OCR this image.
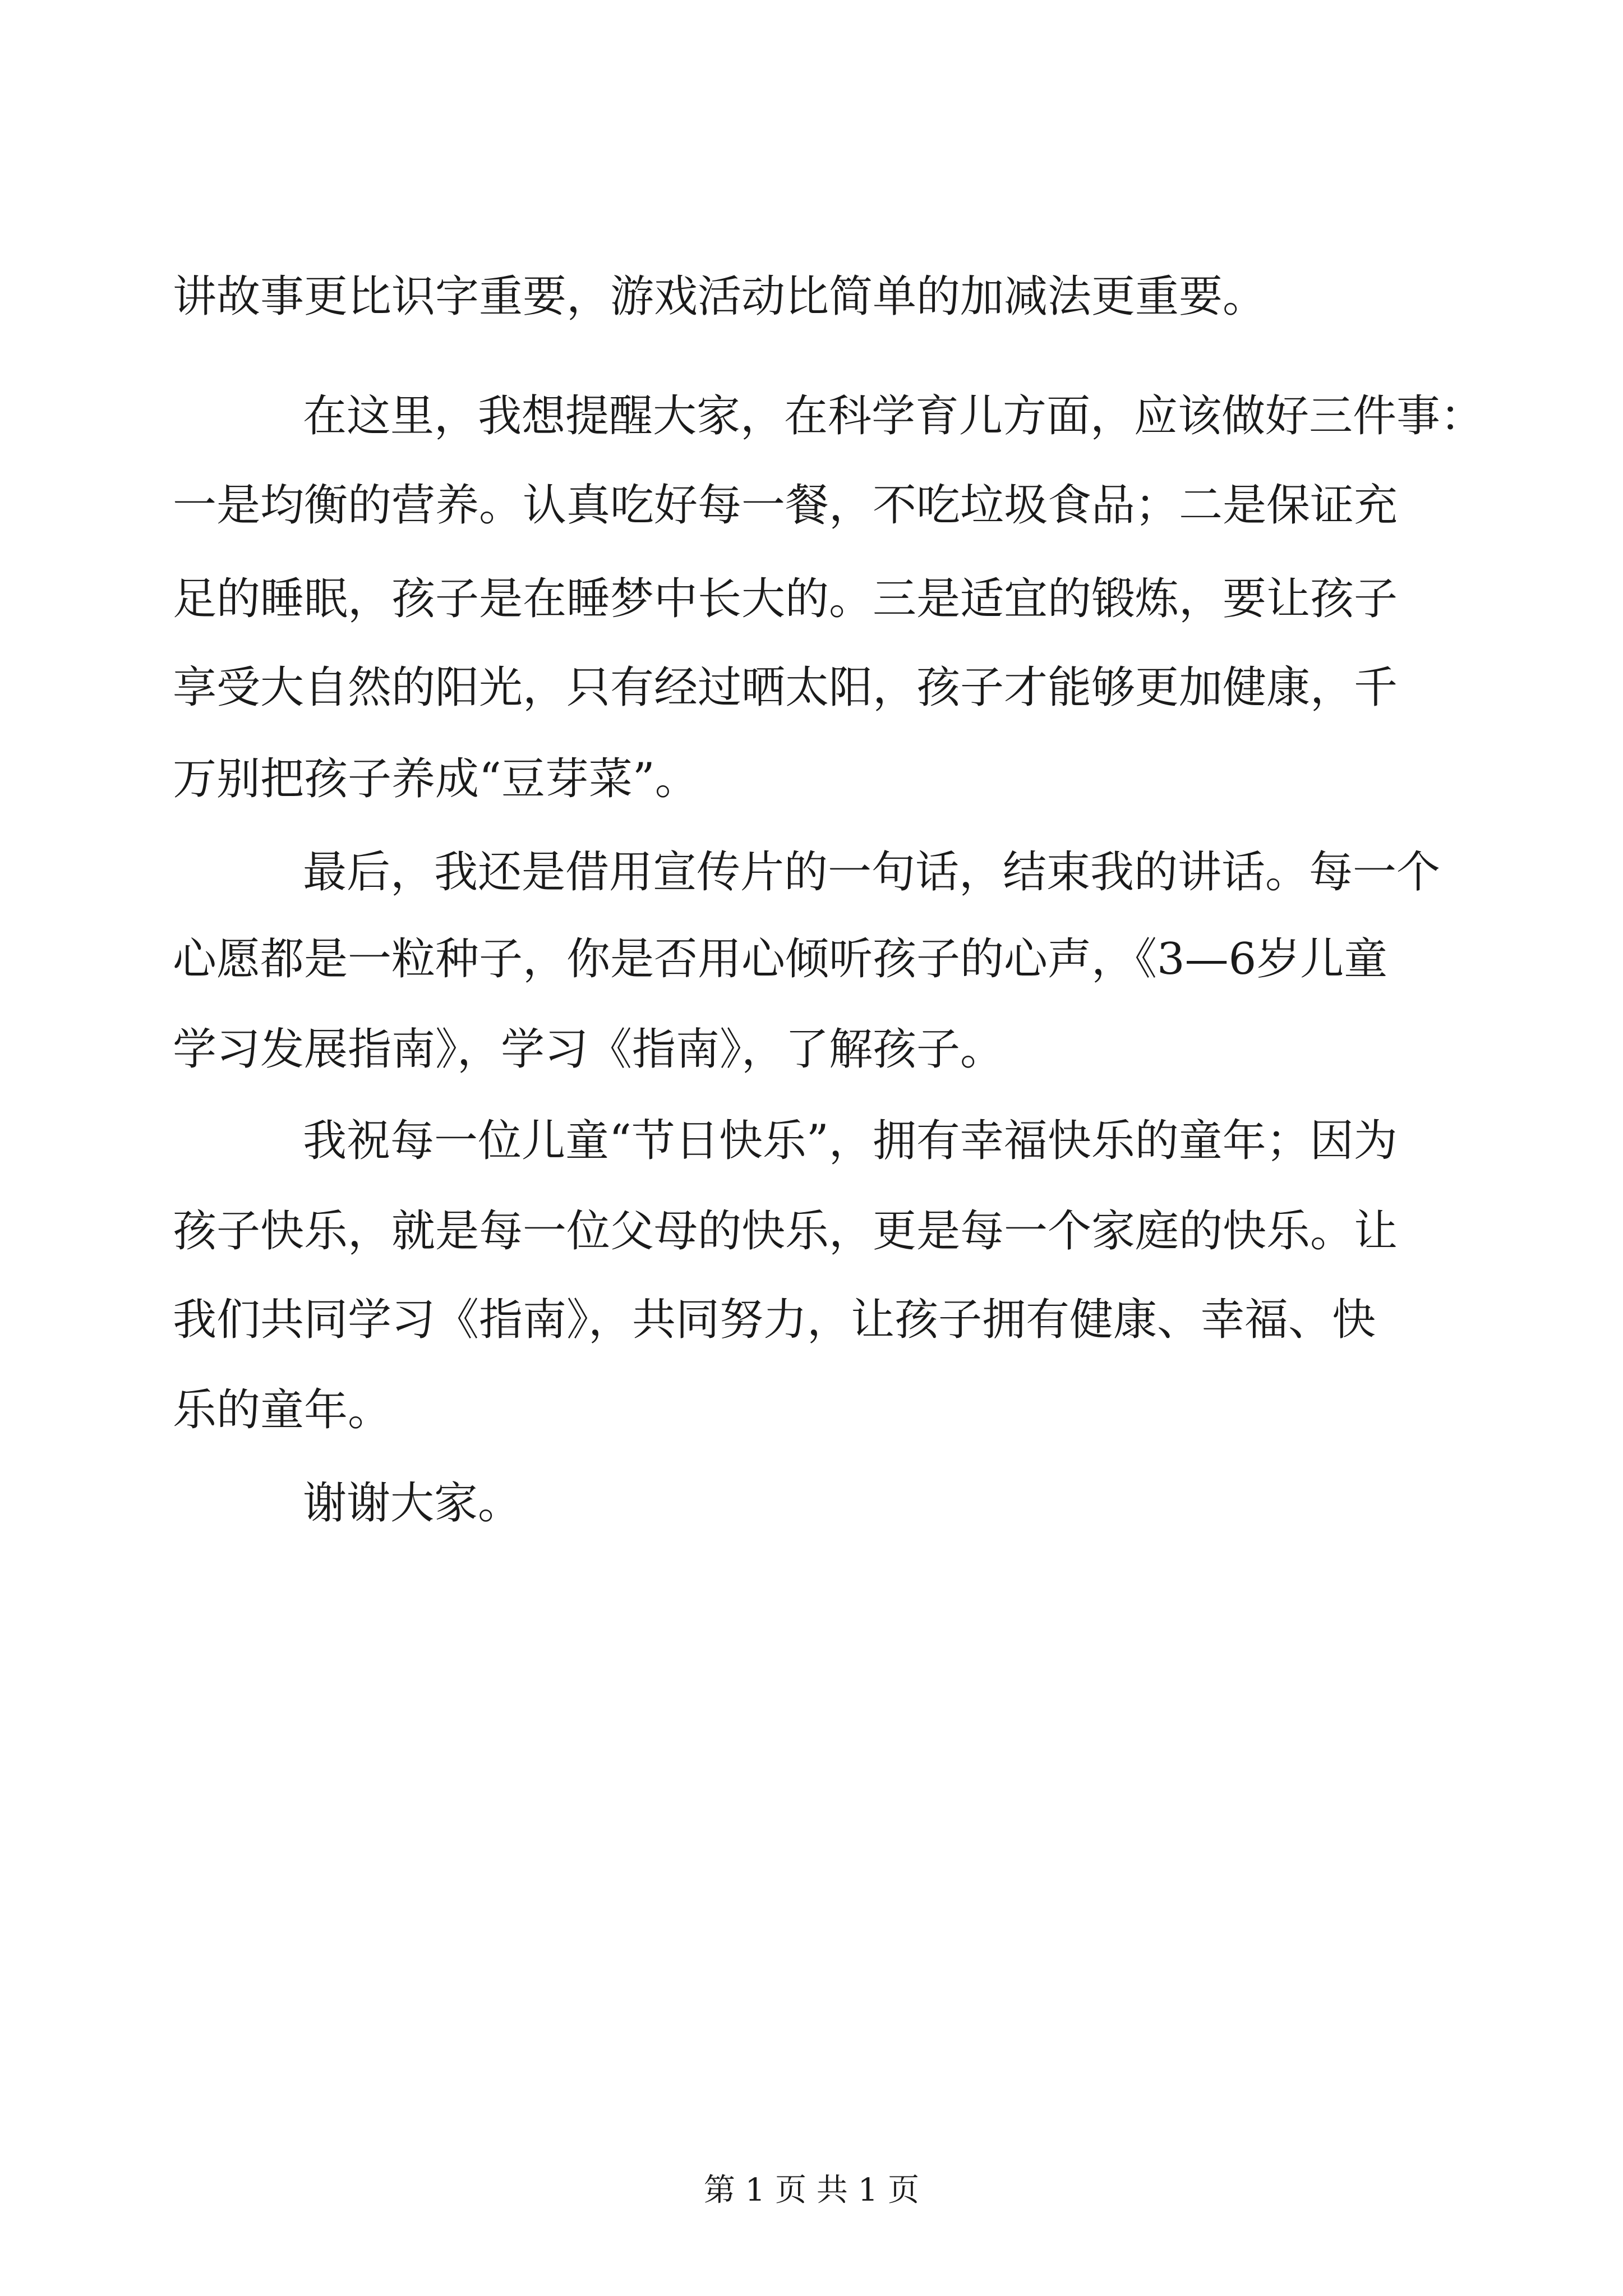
讲故事更比识字重要，游戏活动比简单的加减法更重要。
在这里，我想提醒大家，在科学育儿方面，应该做好三件事：
一是均衡的营养。认真吃好每一餐，不吃垃圾食品；二是保证充
足的睡眠，孩子是在睡梦中长大的。三是适宜的锻炼，要让孩子
享受大自然的阳光，只有经过晒太阳，孩子才能够更加健康，千
万别把孩子养成“豆芽菜”。
最后，我还是借用宣传片的一句话，结束我的讲话。每一个
心愿都是一粒种子，你是否用心倾听孩子的心声，《3—6岁儿童
学习发展指南》，学习《指南》，了解孩子。
我祝每一位儿童“节日快乐”，拥有幸福快乐的童年；因为
孩子快乐，就是每一位父母的快乐，更是每一个家庭的快乐。让
我们共同学习《指南》，共同努力，让孩子拥有健康、幸福、快
乐的童年。
谢谢大家。
第 1 页 共 1 页
